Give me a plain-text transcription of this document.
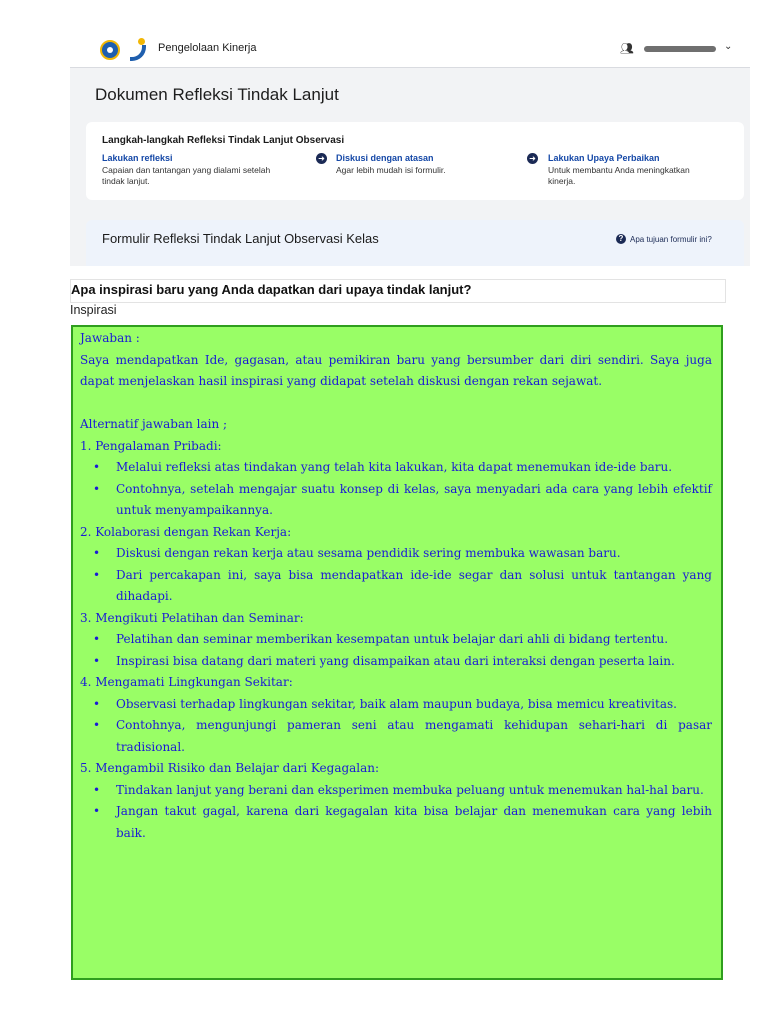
Pengelolaan Kinerja	👥︎	⌄
Dokumen Refleksi Tindak Lanjut
Langkah-langkah Refleksi Tindak Lanjut Observasi
Lakukan refleksi
Capaian dan tantangan yang dialami setelah
tindak lanjut.
➜ Diskusi dengan atasan
Agar lebih mudah isi formulir.
➜ Lakukan Upaya Perbaikan
Untuk membantu Anda meningkatkan
kinerja.
Formulir Refleksi Tindak Lanjut Observasi Kelas	? Apa tujuan formulir ini?
Apa inspirasi baru yang Anda dapatkan dari upaya tindak lanjut?
Inspirasi

Jawaban :

Saya mendapatkan Ide, gagasan, atau pemikiran baru yang bersumber dari diri sendiri. Saya juga dapat menjelaskan hasil inspirasi yang didapat setelah diskusi dengan rekan sejawat.

Alternatif jawaban lain ;

1. Pengalaman Pribadi:

• Melalui refleksi atas tindakan yang telah kita lakukan, kita dapat menemukan ide-ide baru.
• Contohnya, setelah mengajar suatu konsep di kelas, saya menyadari ada cara yang lebih efektif untuk menyampaikannya.

2. Kolaborasi dengan Rekan Kerja:

• Diskusi dengan rekan kerja atau sesama pendidik sering membuka wawasan baru.
• Dari percakapan ini, saya bisa mendapatkan ide-ide segar dan solusi untuk tantangan yang dihadapi.

3. Mengikuti Pelatihan dan Seminar:

• Pelatihan dan seminar memberikan kesempatan untuk belajar dari ahli di bidang tertentu.
• Inspirasi bisa datang dari materi yang disampaikan atau dari interaksi dengan peserta lain.

4. Mengamati Lingkungan Sekitar:

• Observasi terhadap lingkungan sekitar, baik alam maupun budaya, bisa memicu kreativitas.
• Contohnya, mengunjungi pameran seni atau mengamati kehidupan sehari-hari di pasar tradisional.

5. Mengambil Risiko dan Belajar dari Kegagalan:

• Tindakan lanjut yang berani dan eksperimen membuka peluang untuk menemukan hal-hal baru.
• Jangan takut gagal, karena dari kegagalan kita bisa belajar dan menemukan cara yang lebih baik.
